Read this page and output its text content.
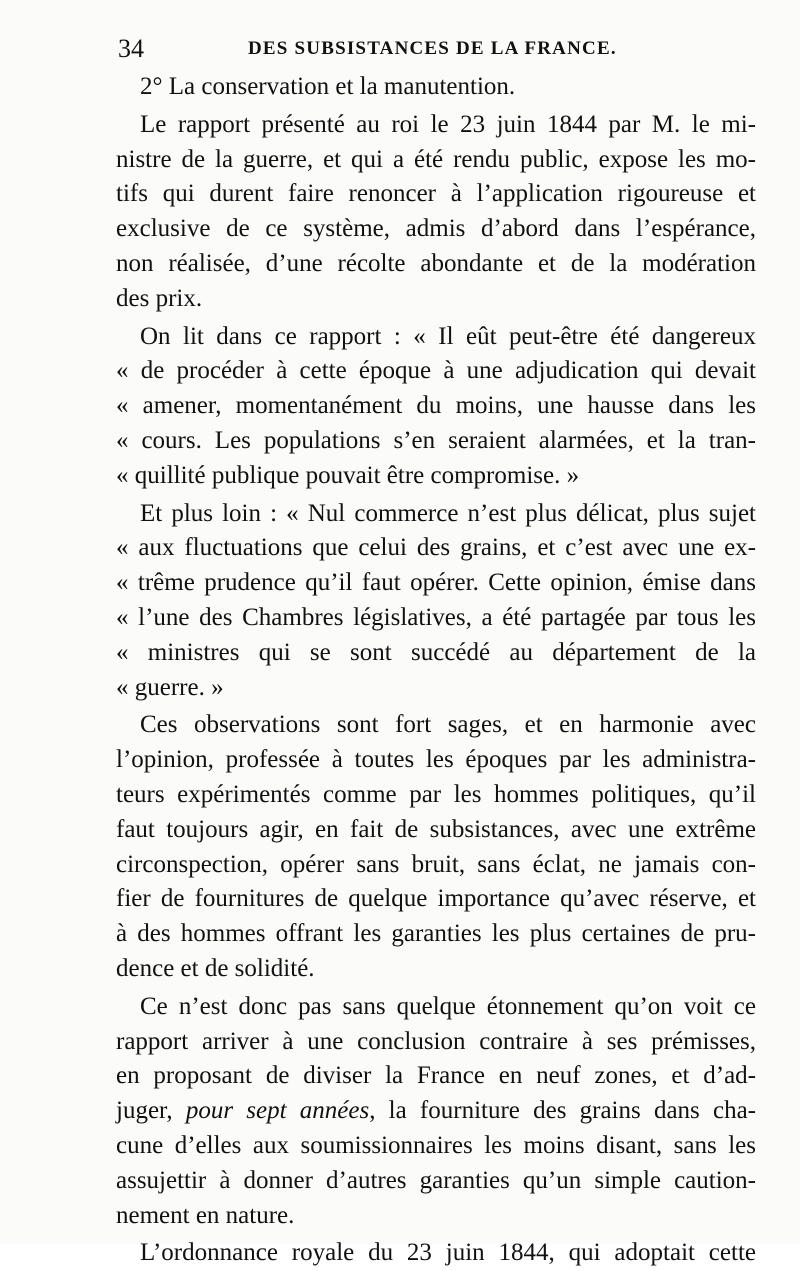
34	DES SUBSISTANCES DE LA FRANCE.
2° La conservation et la manutention.
Le rapport présenté au roi le 23 juin 1844 par M. le mi-
nistre de la guerre, et qui a été rendu public, expose les mo-
tifs qui durent faire renoncer à l’application rigoureuse et
exclusive de ce système, admis d’abord dans l’espérance,
non réalisée, d’une récolte abondante et de la modération
des prix.
On lit dans ce rapport : « Il eût peut-être été dangereux
« de procéder à cette époque à une adjudication qui devait
« amener, momentanément du moins, une hausse dans les
« cours. Les populations s’en seraient alarmées, et la tran-
« quillité publique pouvait être compromise. »
Et plus loin : « Nul commerce n’est plus délicat, plus sujet
« aux fluctuations que celui des grains, et c’est avec une ex-
« trême prudence qu’il faut opérer. Cette opinion, émise dans
« l’une des Chambres législatives, a été partagée par tous les
« ministres qui se sont succédé au département de la
« guerre. »
Ces observations sont fort sages, et en harmonie avec
l’opinion, professée à toutes les époques par les administra-
teurs expérimentés comme par les hommes politiques, qu’il
faut toujours agir, en fait de subsistances, avec une extrême
circonspection, opérer sans bruit, sans éclat, ne jamais con-
fier de fournitures de quelque importance qu’avec réserve, et
à des hommes offrant les garanties les plus certaines de pru-
dence et de solidité.
Ce n’est donc pas sans quelque étonnement qu’on voit ce
rapport arriver à une conclusion contraire à ses prémisses,
en proposant de diviser la France en neuf zones, et d’ad-
juger, pour sept années, la fourniture des grains dans cha-
cune d’elles aux soumissionnaires les moins disant, sans les
assujettir à donner d’autres garanties qu’un simple caution-
nement en nature.
L’ordonnance royale du 23 juin 1844, qui adoptait cette
